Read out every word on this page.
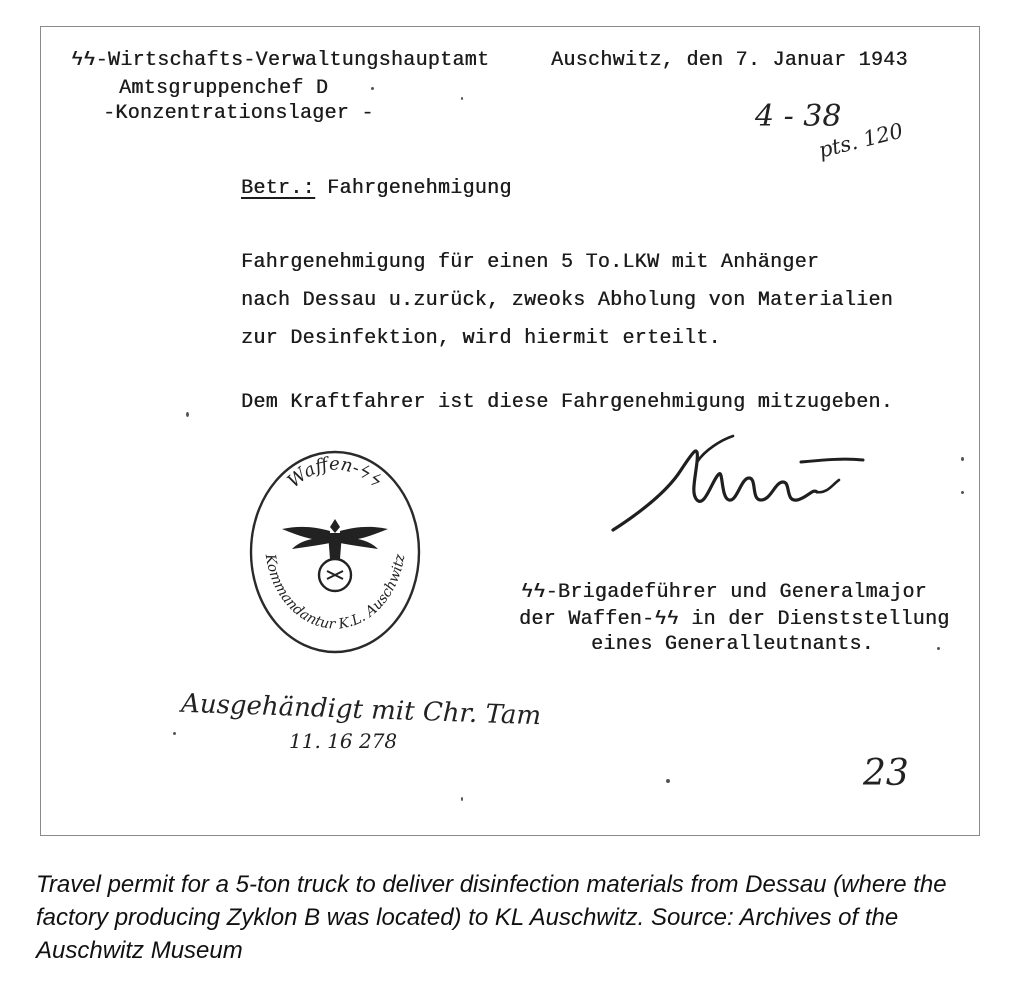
ϟϟ-Wirtschafts-Verwaltungshauptamt
Amtsgruppenchef D
-Konzentrationslager -
Auschwitz, den 7. Januar 1943
4 - 38
pts. 120
Betr.: Fahrgenehmigung
Fahrgenehmigung für einen 5 To.LKW mit Anhänger
nach Dessau u.zurück, zweoks Abholung von Materialien
zur Desinfektion, wird hiermit erteilt.
Dem Kraftfahrer ist diese Fahrgenehmigung mitzugeben.
Waffen-ϟϟ
Kommandantur K.L. Auschwitz
ϟϟ-Brigadeführer und Generalmajor
der Waffen-ϟϟ in der Dienststellung
eines Generalleutnants.
Ausgehändigt mit Chr. Tam
11. 16 278
23
Travel permit for a 5-ton truck to deliver disinfection materials from Dessau (where the factory producing Zyklon B was located) to KL Auschwitz. Source: Archives of the Auschwitz Museum
